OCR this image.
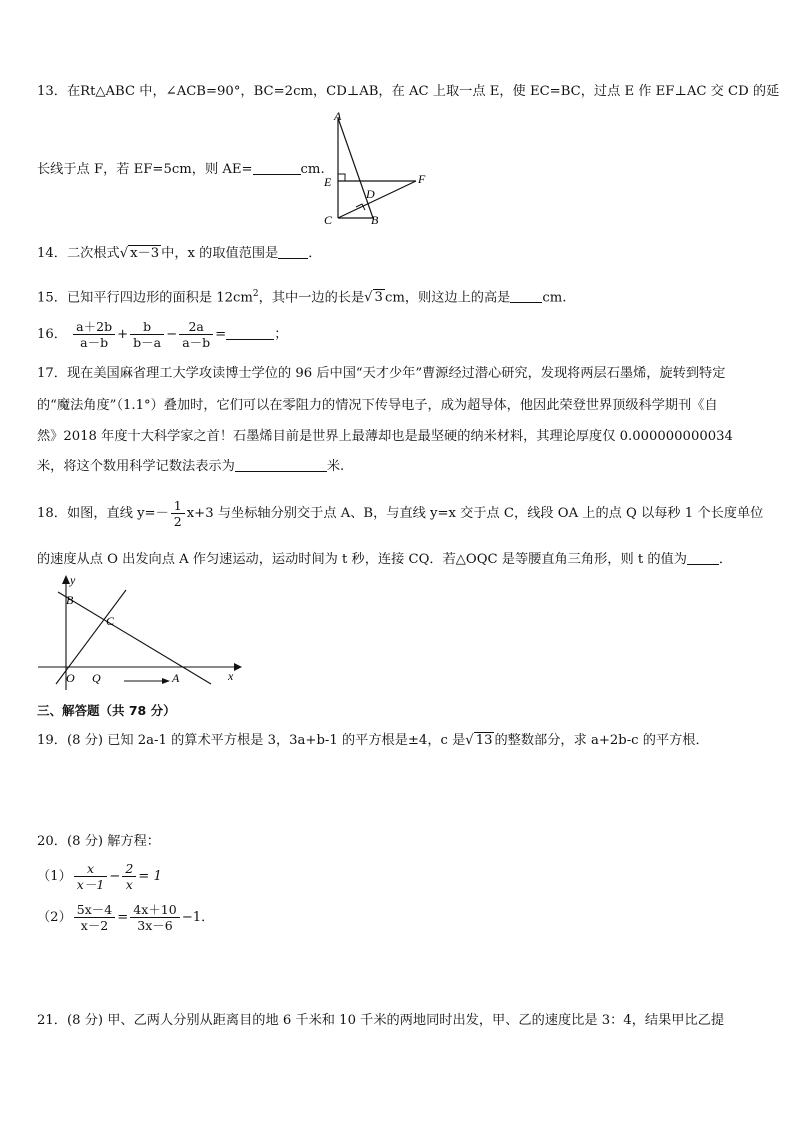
13．在Rt△ABC 中，∠ACB=90°，BC=2cm，CD⊥AB，在 AC 上取一点 E，使 EC=BC，过点 E 作 EF⊥AC 交 CD 的延
长线于点 F，若 EF=5cm，则 AE=	cm.
A
E
D
F
C	B
14．二次根式√ x－3 中，x 的取值范围是 ．
15．已知平行四边形的面积是 $12cm^2$，其中一边的长是√ 3 cm，则这边上的高是 cm.
16． $\frac{a+2b}{a-b} + \frac{b}{b-a} - \frac{2a}{a-b}$ =	；
17．现在美国麻省理工大学攻读博士学位的 96 后中国“天才少年”曹源经过潜心研究，发现将两层石墨烯，旋转到特定
的“魔法角度”（1.1°）叠加时，它们可以在零阻力的情况下传导电子，成为超导体，他因此荣登世界顶级科学期刊《自
然》2018 年度十大科学家之首！石墨烯目前是世界上最薄却也是最坚硬的纳米材料，其理论厚度仅 0.000000000034
米，将这个数用科学记数法表示为	米.
18．如图，直线 $y=- \frac{1}{2} x+3$ 与坐标轴分别交于点 A、B，与直线 y=x 交于点 C，线段 OA 上的点 Q 以每秒 1 个长度单位
的速度从点 O 出发向点 A 作匀速运动，运动时间为 t 秒，连接 CQ．若△OQC 是等腰直角三角形，则 t 的值为 ．
y
B
C
O Q	A	x
三、解答题（共 78 分）
19．(8 分) 已知 2a-1 的算术平方根是 3，3a+b-1 的平方根是±4，c 是√ 13 的整数部分，求 a+2b-c 的平方根．
20．(8 分) 解方程：
$(1) \frac{x}{x-1} - \frac{2}{x} = 1$
$(2) \frac{5x-4}{x-2} = \frac{4x+10}{3x-6} -1$．
21．(8 分) 甲、乙两人分别从距离目的地 6 千米和 10 千米的两地同时出发，甲、乙的速度比是 3：4，结果甲比乙提
